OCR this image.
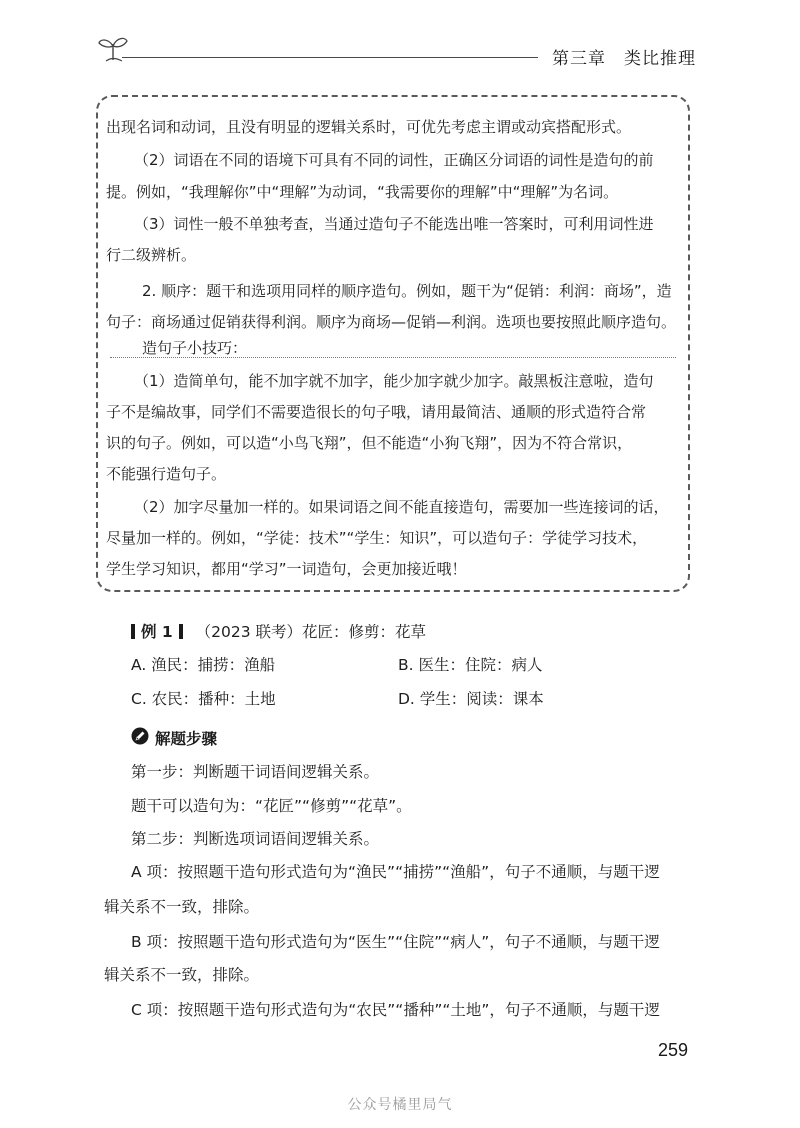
第三章 类比推理
出现名词和动词，且没有明显的逻辑关系时，可优先考虑主谓或动宾搭配形式。
（2）词语在不同的语境下可具有不同的词性，正确区分词语的词性是造句的前
提。例如，“我理解你”中“理解”为动词，“我需要你的理解”中“理解”为名词。
（3）词性一般不单独考查，当通过造句子不能选出唯一答案时，可利用词性进
行二级辨析。
2. 顺序：题干和选项用同样的顺序造句。例如，题干为“促销：利润：商场”，造
句子：商场通过促销获得利润。顺序为商场—促销—利润。选项也要按照此顺序造句。
造句子小技巧：
（1）造简单句，能不加字就不加字，能少加字就少加字。敲黑板注意啦，造句
子不是编故事，同学们不需要造很长的句子哦，请用最简洁、通顺的形式造符合常
识的句子。例如，可以造“小鸟飞翔”，但不能造“小狗飞翔”，因为不符合常识，
不能强行造句子。
（2）加字尽量加一样的。如果词语之间不能直接造句，需要加一些连接词的话，
尽量加一样的。例如，“学徒：技术”“学生：知识”，可以造句子：学徒学习技术，
学生学习知识，都用“学习”一词造句，会更加接近哦！
例 1 （2023 联考）花匠：修剪：花草
A. 渔民：捕捞：渔船	B. 医生：住院：病人
C. 农民：播种：土地	D. 学生：阅读：课本
解题步骤
第一步：判断题干词语间逻辑关系。
题干可以造句为：“花匠”“修剪”“花草”。
第二步：判断选项词语间逻辑关系。
A 项：按照题干造句形式造句为“渔民”“捕捞”“渔船”，句子不通顺，与题干逻
辑关系不一致，排除。
B 项：按照题干造句形式造句为“医生”“住院”“病人”，句子不通顺，与题干逻
辑关系不一致，排除。
C 项：按照题干造句形式造句为“农民”“播种”“土地”，句子不通顺，与题干逻
259
公众号橘里局气
